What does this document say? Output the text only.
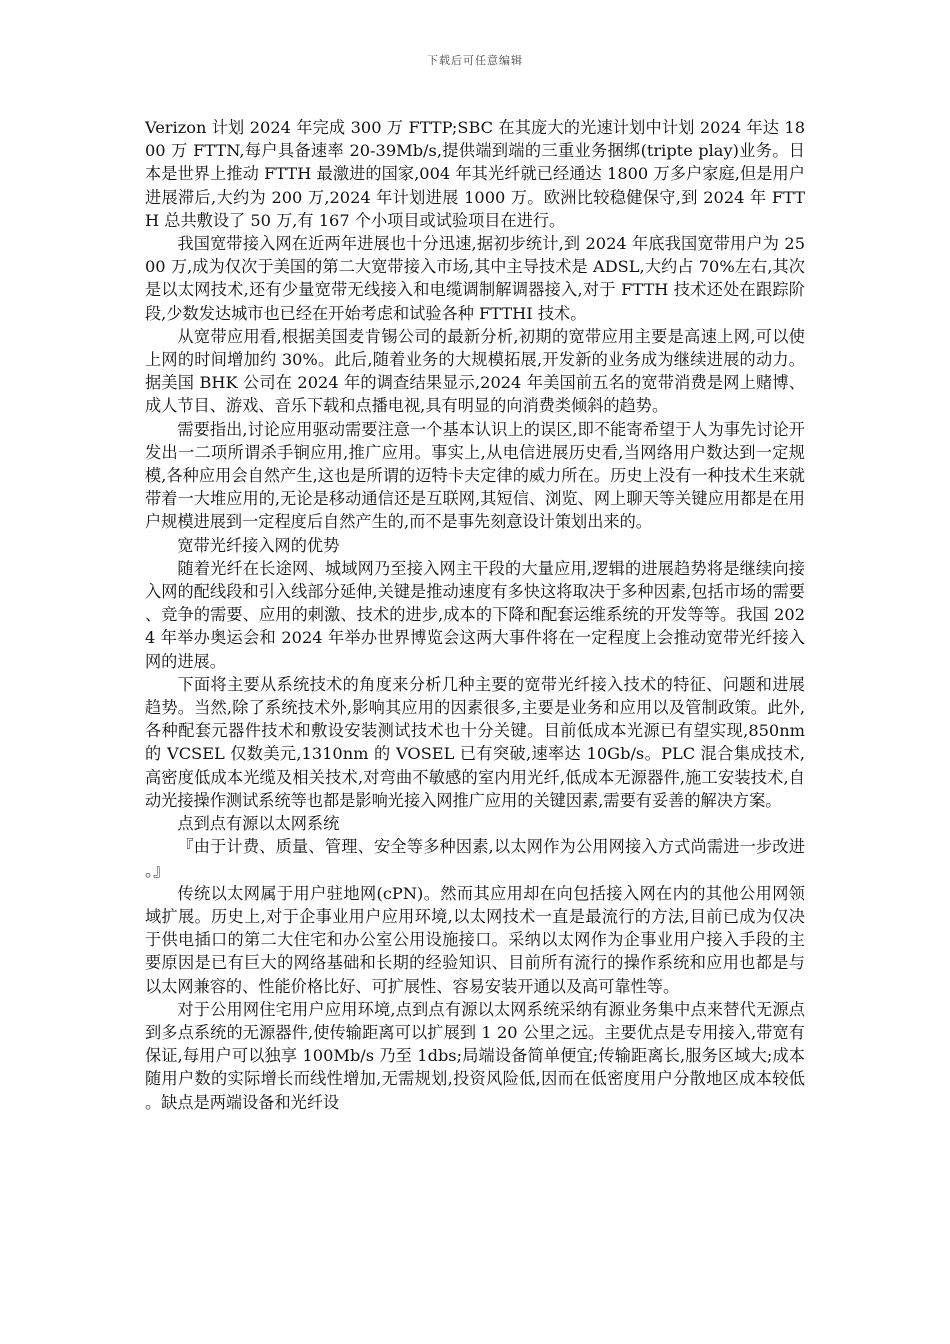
下载后可任意编辑

Verizon 计划 2024 年完成 300 万 FTTP;SBC 在其庞大的光速计划中计划 2024 年达 1800 万 FTTN,每户具备速率 20-39Mb/s,提供端到端的三重业务捆绑(triptе play)业务。日本是世界上推动 FTTH 最激进的国家,004 年其光纤就已经通达 1800 万多户家庭,但是用户进展滞后,大约为 200 万,2024 年计划进展 1000 万。欧洲比较稳健保守,到 2024 年 FTTH 总共敷设了 50 万,有 167 个小项目或试验项目在进行。

我国宽带接入网在近两年进展也十分迅速,据初步统计,到 2024 年底我国宽带用户为 2500 万,成为仅次于美国的第二大宽带接入市场,其中主导技术是 ADSL,大约占 70%左右,其次是以太网技术,还有少量宽带无线接入和电缆调制解调器接入,对于 FTTH 技术还处在跟踪阶段,少数发达城市也已经在开始考虑和试验各种 FTTHI 技术。

从宽带应用看,根据美国麦肯锡公司的最新分析,初期的宽带应用主要是高速上网,可以使上网的时间增加约 30%。此后,随着业务的大规模拓展,开发新的业务成为继续进展的动力。据美国 BHK 公司在 2024 年的调查结果显示,2024 年美国前五名的宽带消费是网上赌博、成人节目、游戏、音乐下载和点播电视,具有明显的向消费类倾斜的趋势。

需要指出,讨论应用驱动需要注意一个基本认识上的误区,即不能寄希望于人为事先讨论开发出一二项所谓杀手锏应用,推广应用。事实上,从电信进展历史看,当网络用户数达到一定规模,各种应用会自然产生,这也是所谓的迈特卡夫定律的威力所在。历史上没有一种技术生来就带着一大堆应用的,无论是移动通信还是互联网,其短信、浏览、网上聊天等关键应用都是在用户规模进展到一定程度后自然产生的,而不是事先刻意设计策划出来的。

宽带光纤接入网的优势

随着光纤在长途网、城域网乃至接入网主干段的大量应用,逻辑的进展趋势将是继续向接入网的配线段和引入线部分延伸,关键是推动速度有多快这将取决于多种因素,包括市场的需要、竞争的需要、应用的刺激、技术的进步,成本的下降和配套运维系统的开发等等。我国 2024 年举办奥运会和 2024 年举办世界博览会这两大事件将在一定程度上会推动宽带光纤接入网的进展。

下面将主要从系统技术的角度来分析几种主要的宽带光纤接入技术的特征、问题和进展趋势。当然,除了系统技术外,影响其应用的因素很多,主要是业务和应用以及管制政策。此外,各种配套元器件技术和敷设安装测试技术也十分关键。目前低成本光源已有望实现,850nm 的 VCSEL 仅数美元,1310nm 的 VOSEL 已有突破,速率达 10Gb/s。PLC 混合集成技术,高密度低成本光缆及相关技术,对弯曲不敏感的室内用光纤,低成本无源器件,施工安装技术,自动光接操作测试系统等也都是影响光接入网推广应用的关键因素,需要有妥善的解决方案。

点到点有源以太网系统

『由于计费、质量、管理、安全等多种因素,以太网作为公用网接入方式尚需进一步改进。』

传统以太网属于用户驻地网(cPN)。然而其应用却在向包括接入网在内的其他公用网领域扩展。历史上,对于企事业用户应用环境,以太网技术一直是最流行的方法,目前已成为仅决于供电插口的第二大住宅和办公室公用设施接口。采纳以太网作为企事业用户接入手段的主要原因是已有巨大的网络基础和长期的经验知识、目前所有流行的操作系统和应用也都是与以太网兼容的、性能价格比好、可扩展性、容易安装开通以及高可靠性等。

对于公用网住宅用户应用环境,点到点有源以太网系统采纳有源业务集中点来替代无源点到多点系统的无源器件,使传输距离可以扩展到 1 20 公里之远。主要优点是专用接入,带宽有保证,每用户可以独享 100Mb/s 乃至 1dbs;局端设备简单便宜;传输距离长,服务区域大;成本随用户数的实际增长而线性增加,无需规划,投资风险低,因而在低密度用户分散地区成本较低。缺点是两端设备和光纤设
